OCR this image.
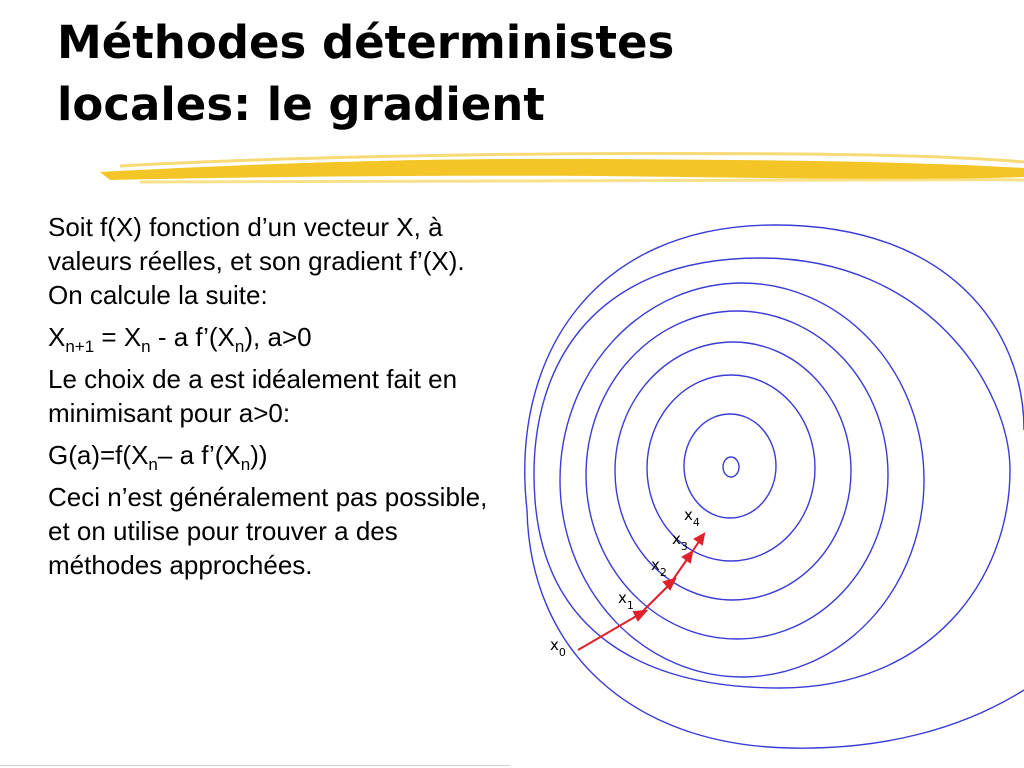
Méthodes déterministes
locales: le gradient

Soit f(X) fonction d’un vecteur X, à valeurs réelles, et son gradient f’(X). On calcule la suite:

$X_{n+1} = X_n - a$ $f’(X_n)$, a>0

Le choix de a est idéalement fait en minimisant pour a>0:

$G(a)=f(X_n-$ a $f’(X_n)$)

Ceci n’est généralement pas possible, et on utilise pour trouver a des méthodes approchées.

$x_0$
$x_1$
$x_2$
$x_3$
$x_4$
